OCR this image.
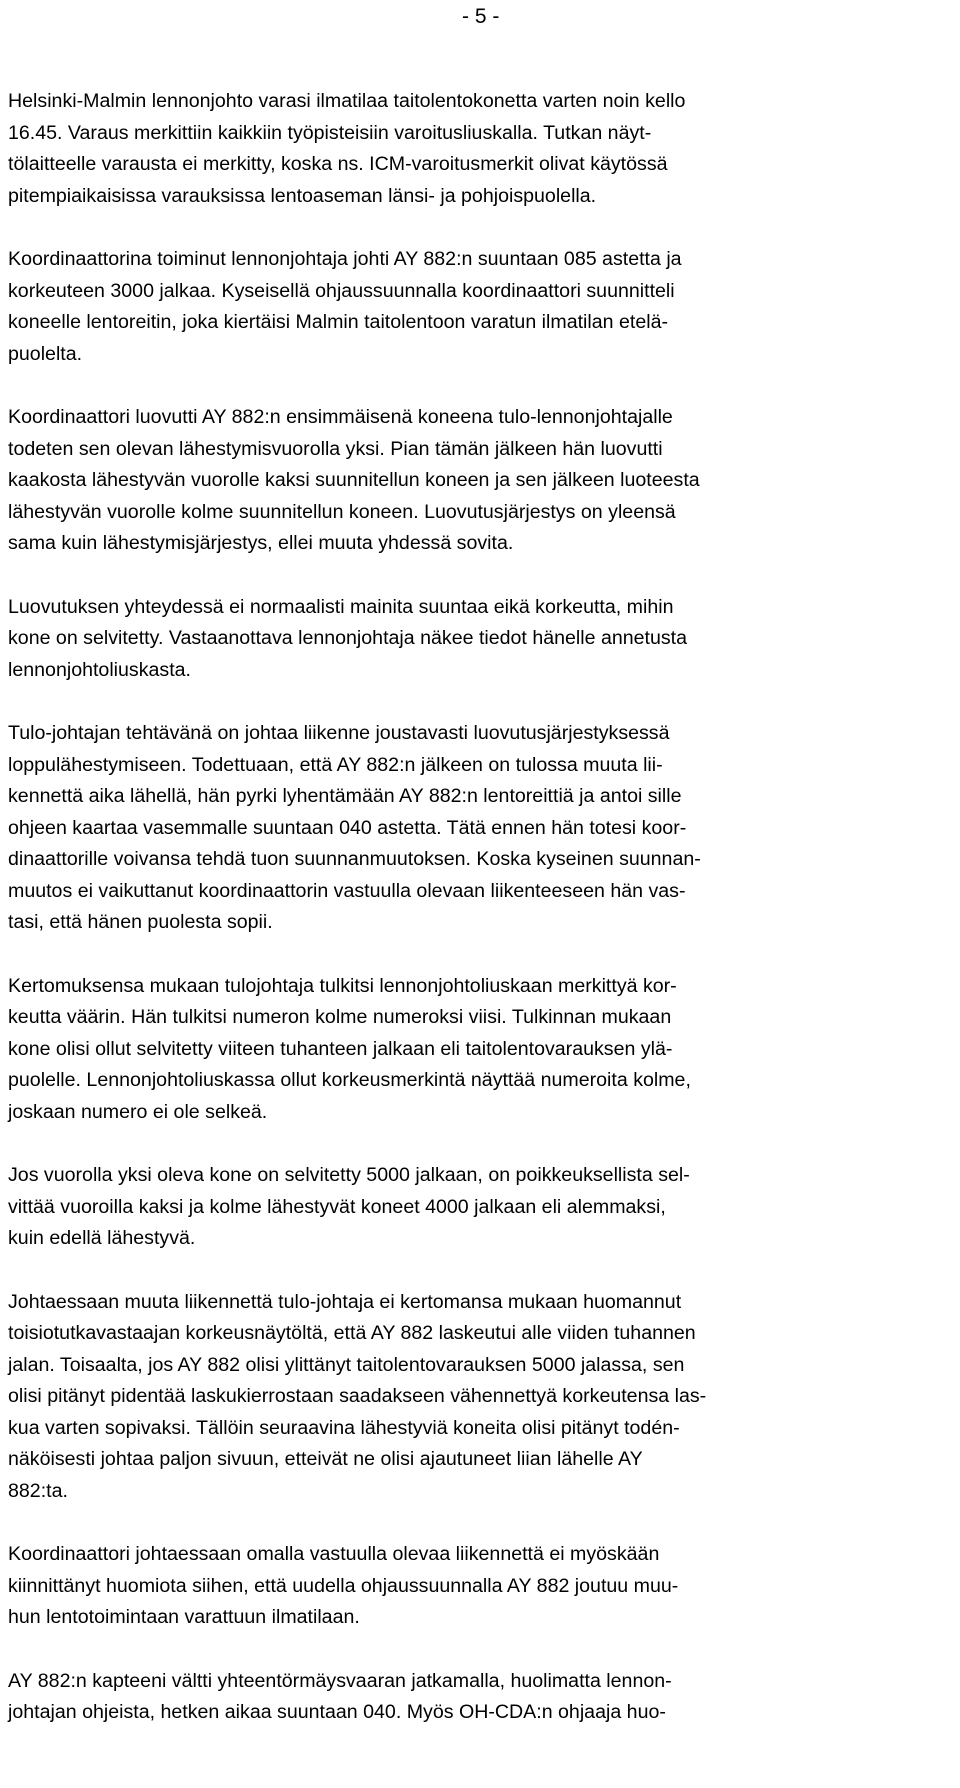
- 5 -
Helsinki-Malmin lennonjohto varasi ilmatilaa taitolentokonetta varten noin kello
16.45. Varaus merkittiin kaikkiin työpisteisiin varoitusliuskalla. Tutkan näyt-
tölaitteelle varausta ei merkitty, koska ns. ICM-varoitusmerkit olivat käytössä
pitempiaikaisissa varauksissa lentoaseman länsi- ja pohjoispuolella.
Koordinaattorina toiminut lennonjohtaja johti AY 882:n suuntaan 085 astetta ja
korkeuteen 3000 jalkaa. Kyseisellä ohjaussuunnalla koordinaattori suunnitteli
koneelle lentoreitin, joka kiertäisi Malmin taitolentoon varatun ilmatilan etelä-
puolelta.
Koordinaattori luovutti AY 882:n ensimmäisenä koneena tulo-lennonjohtajalle
todeten sen olevan lähestymisvuorolla yksi. Pian tämän jälkeen hän luovutti
kaakosta lähestyvän vuorolle kaksi suunnitellun koneen ja sen jälkeen luoteesta
lähestyvän vuorolle kolme suunnitellun koneen. Luovutusjärjestys on yleensä
sama kuin lähestymisjärjestys, ellei muuta yhdessä sovita.
Luovutuksen yhteydessä ei normaalisti mainita suuntaa eikä korkeutta, mihin
kone on selvitetty. Vastaanottava lennonjohtaja näkee tiedot hänelle annetusta
lennonjohtoliuskasta.
Tulo-johtajan tehtävänä on johtaa liikenne joustavasti luovutusjärjestyksessä
loppulähestymiseen. Todettuaan, että AY 882:n jälkeen on tulossa muuta lii-
kennettä aika lähellä, hän pyrki lyhentämään AY 882:n lentoreittiä ja antoi sille
ohjeen kaartaa vasemmalle suuntaan 040 astetta. Tätä ennen hän totesi koor-
dinaattorille voivansa tehdä tuon suunnanmuutoksen. Koska kyseinen suunnan-
muutos ei vaikuttanut koordinaattorin vastuulla olevaan liikenteeseen hän vas-
tasi, että hänen puolesta sopii.
Kertomuksensa mukaan tulojohtaja tulkitsi lennonjohtoliuskaan merkittyä kor-
keutta väärin. Hän tulkitsi numeron kolme numeroksi viisi. Tulkinnan mukaan
kone olisi ollut selvitetty viiteen tuhanteen jalkaan eli taitolentovarauksen ylä-
puolelle. Lennonjohtoliuskassa ollut korkeusmerkintä näyttää numeroita kolme,
joskaan numero ei ole selkeä.
Jos vuorolla yksi oleva kone on selvitetty 5000 jalkaan, on poikkeuksellista sel-
vittää vuoroilla kaksi ja kolme lähestyvät koneet 4000 jalkaan eli alemmaksi,
kuin edellä lähestyvä.
Johtaessaan muuta liikennettä tulo-johtaja ei kertomansa mukaan huomannut
toisiotutkavastaajan korkeusnäytöltä, että AY 882 laskeutui alle viiden tuhannen
jalan. Toisaalta, jos AY 882 olisi ylittänyt taitolentovarauksen 5000 jalassa, sen
olisi pitänyt pidentää laskukierrostaan saadakseen vähennettyä korkeutensa las-
kua varten sopivaksi. Tällöin seuraavina lähestyviä koneita olisi pitänyt todén-
näköisesti johtaa paljon sivuun, etteivät ne olisi ajautuneet liian lähelle AY
882:ta.
Koordinaattori johtaessaan omalla vastuulla olevaa liikennettä ei myöskään
kiinnittänyt huomiota siihen, että uudella ohjaussuunnalla AY 882 joutuu muu-
hun lentotoimintaan varattuun ilmatilaan.
AY 882:n kapteeni vältti yhteentörmäysvaaran jatkamalla, huolimatta lennon-
johtajan ohjeista, hetken aikaa suuntaan 040. Myös OH-CDA:n ohjaaja huo-
